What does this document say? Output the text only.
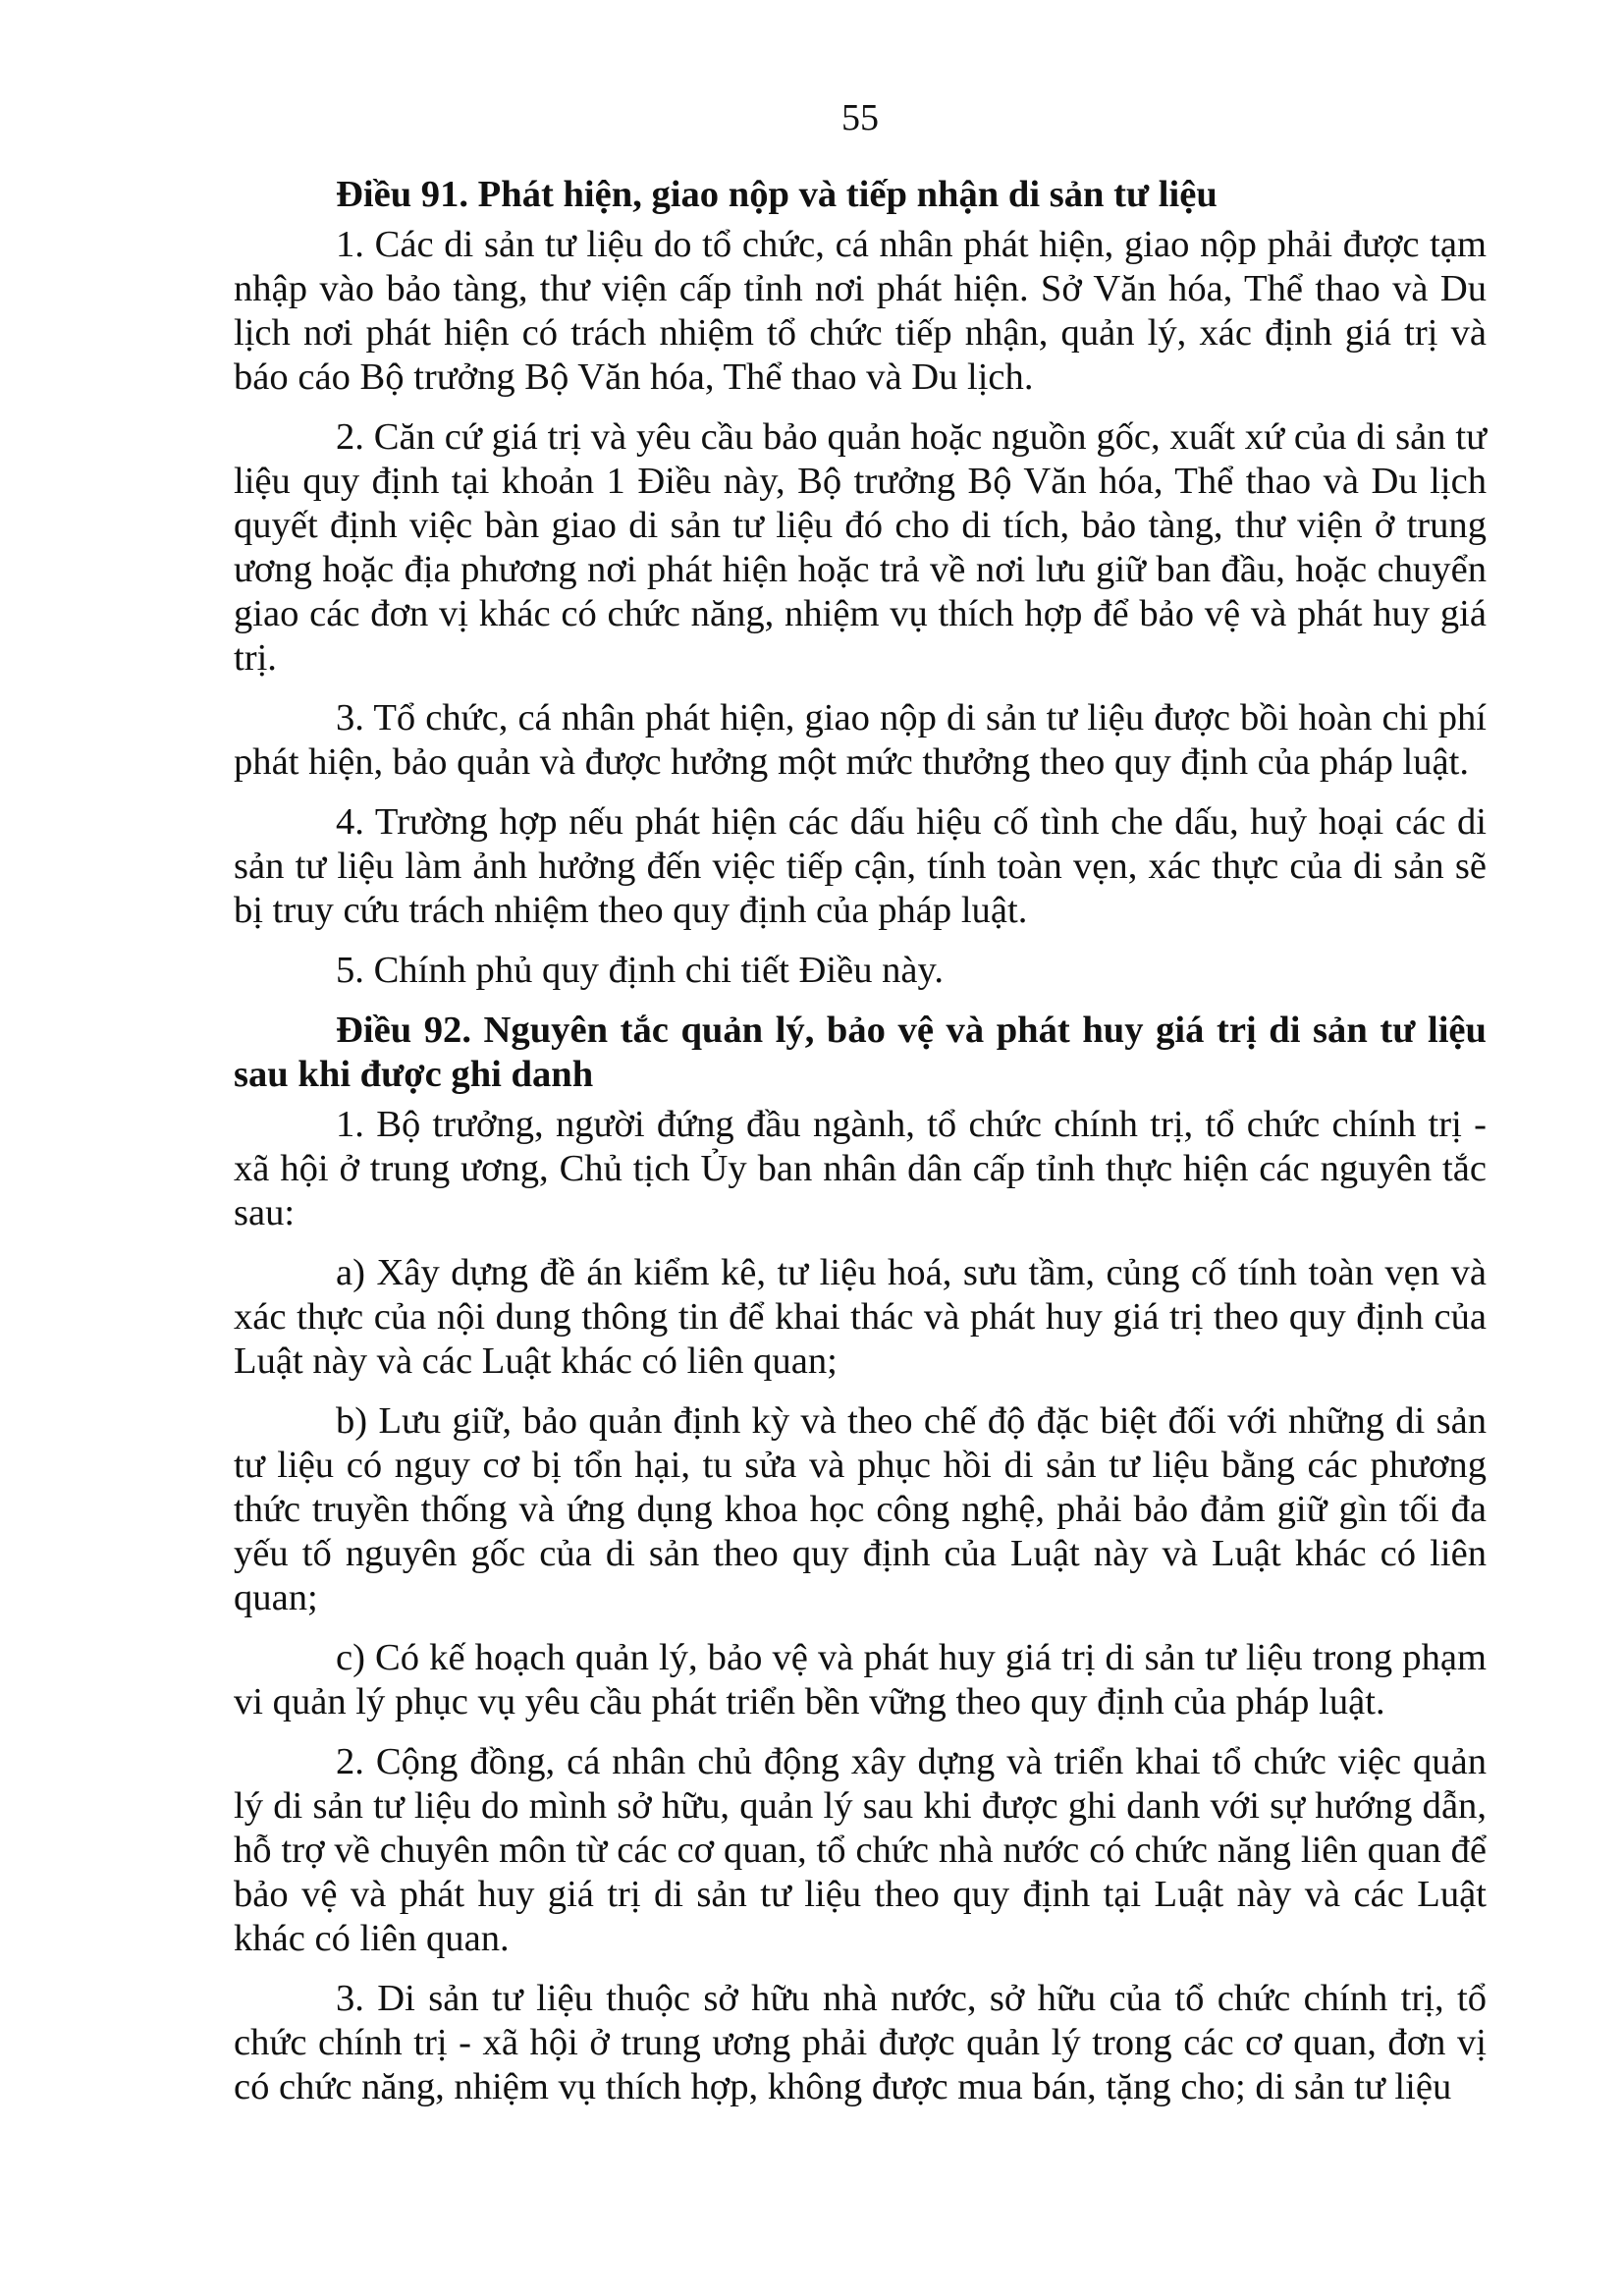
55

Điều 91. Phát hiện, giao nộp và tiếp nhận di sản tư liệu

1. Các di sản tư liệu do tổ chức, cá nhân phát hiện, giao nộp phải được tạm nhập vào bảo tàng, thư viện cấp tỉnh nơi phát hiện. Sở Văn hóa, Thể thao và Du lịch nơi phát hiện có trách nhiệm tổ chức tiếp nhận, quản lý, xác định giá trị và báo cáo Bộ trưởng Bộ Văn hóa, Thể thao và Du lịch.

2. Căn cứ giá trị và yêu cầu bảo quản hoặc nguồn gốc, xuất xứ của di sản tư liệu quy định tại khoản 1 Điều này, Bộ trưởng Bộ Văn hóa, Thể thao và Du lịch quyết định việc bàn giao di sản tư liệu đó cho di tích, bảo tàng, thư viện ở trung ương hoặc địa phương nơi phát hiện hoặc trả về nơi lưu giữ ban đầu, hoặc chuyển giao các đơn vị khác có chức năng, nhiệm vụ thích hợp để bảo vệ và phát huy giá trị.

3. Tổ chức, cá nhân phát hiện, giao nộp di sản tư liệu được bồi hoàn chi phí phát hiện, bảo quản và được hưởng một mức thưởng theo quy định của pháp luật.

4. Trường hợp nếu phát hiện các dấu hiệu cố tình che dấu, huỷ hoại các di sản tư liệu làm ảnh hưởng đến việc tiếp cận, tính toàn vẹn, xác thực của di sản sẽ bị truy cứu trách nhiệm theo quy định của pháp luật.

5. Chính phủ quy định chi tiết Điều này.

Điều 92. Nguyên tắc quản lý, bảo vệ và phát huy giá trị di sản tư liệu sau khi được ghi danh

1. Bộ trưởng, người đứng đầu ngành, tổ chức chính trị, tổ chức chính trị - xã hội ở trung ương, Chủ tịch Ủy ban nhân dân cấp tỉnh thực hiện các nguyên tắc sau:

a) Xây dựng đề án kiểm kê, tư liệu hoá, sưu tầm, củng cố tính toàn vẹn và xác thực của nội dung thông tin để khai thác và phát huy giá trị theo quy định của Luật này và các Luật khác có liên quan;

b) Lưu giữ, bảo quản định kỳ và theo chế độ đặc biệt đối với những di sản tư liệu có nguy cơ bị tổn hại, tu sửa và phục hồi di sản tư liệu bằng các phương thức truyền thống và ứng dụng khoa học công nghệ, phải bảo đảm giữ gìn tối đa yếu tố nguyên gốc của di sản theo quy định của Luật này và Luật khác có liên quan;

c) Có kế hoạch quản lý, bảo vệ và phát huy giá trị di sản tư liệu trong phạm vi quản lý phục vụ yêu cầu phát triển bền vững theo quy định của pháp luật.

2. Cộng đồng, cá nhân chủ động xây dựng và triển khai tổ chức việc quản lý di sản tư liệu do mình sở hữu, quản lý sau khi được ghi danh với sự hướng dẫn, hỗ trợ về chuyên môn từ các cơ quan, tổ chức nhà nước có chức năng liên quan để bảo vệ và phát huy giá trị di sản tư liệu theo quy định tại Luật này và các Luật khác có liên quan.

3. Di sản tư liệu thuộc sở hữu nhà nước, sở hữu của tổ chức chính trị, tổ chức chính trị - xã hội ở trung ương phải được quản lý trong các cơ quan, đơn vị có chức năng, nhiệm vụ thích hợp, không được mua bán, tặng cho; di sản tư liệu
